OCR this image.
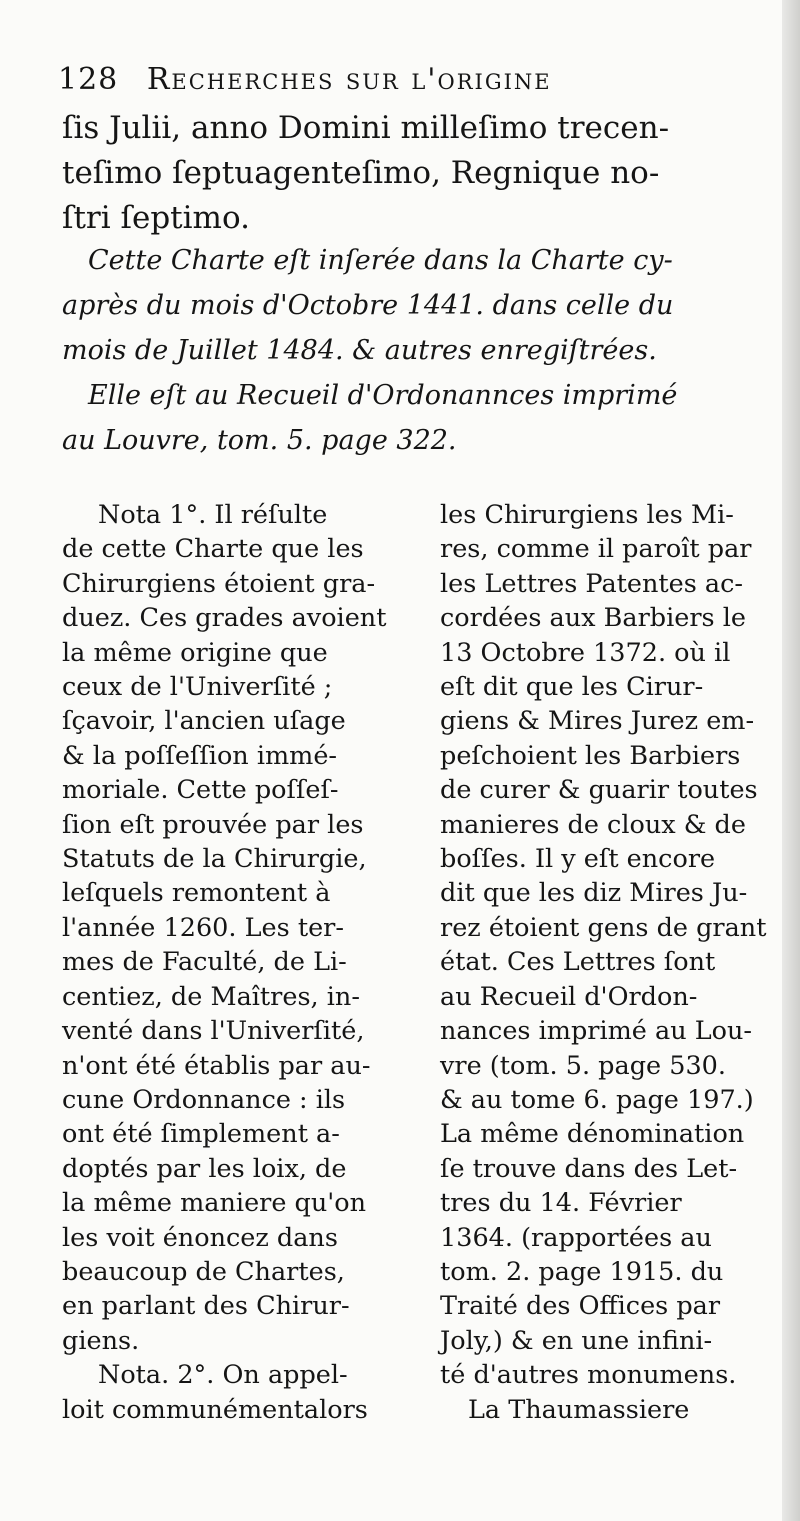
128 Recherches sur l'origine
ſis Julii, anno Domini milleſimo trecen-
teſimo ſeptuagenteſimo, Regnique no-
ſtri ſeptimo.
Cette Charte eſt inſerée dans la Charte cy-
après du mois d'Octobre 1441. dans celle du
mois de Juillet 1484. & autres enregiſtrées.
Elle eſt au Recueil d'Ordonannces imprimé
au Louvre, tom. 5. page 322.
Nota 1°. Il réſulte
de cette Charte que les
Chirurgiens étoient gra-
duez. Ces grades avoient
la même origine que
ceux de l'Univerſité ;
ſçavoir, l'ancien uſage
& la poſſeſſion immé-
moriale. Cette poſſeſ-
ſion eſt prouvée par les
Statuts de la Chirurgie,
leſquels remontent à
l'année 1260. Les ter-
mes de Faculté, de Li-
centiez, de Maîtres, in-
venté dans l'Univerſité,
n'ont été établis par au-
cune Ordonnance : ils
ont été ſimplement a-
doptés par les loix, de
la même maniere qu'on
les voit énoncez dans
beaucoup de Chartes,
en parlant des Chirur-
giens.
Nota. 2°. On appel-
loit communémentalors
les Chirurgiens les Mi-
res, comme il paroît par
les Lettres Patentes ac-
cordées aux Barbiers le
13 Octobre 1372. où il
eſt dit que les Cirur-
giens & Mires Jurez em-
peſchoient les Barbiers
de curer & guarir toutes
manieres de cloux & de
boſſes. Il y eſt encore
dit que les diz Mires Ju-
rez étoient gens de grant
état. Ces Lettres ſont
au Recueil d'Ordon-
nances imprimé au Lou-
vre (tom. 5. page 530.
& au tome 6. page 197.)
La même dénomination
ſe trouve dans des Let-
tres du 14. Février
1364. (rapportées au
tom. 2. page 1915. du
Traité des Offices par
Joly,) & en une infini-
té d'autres monumens.
La Thaumassiere
